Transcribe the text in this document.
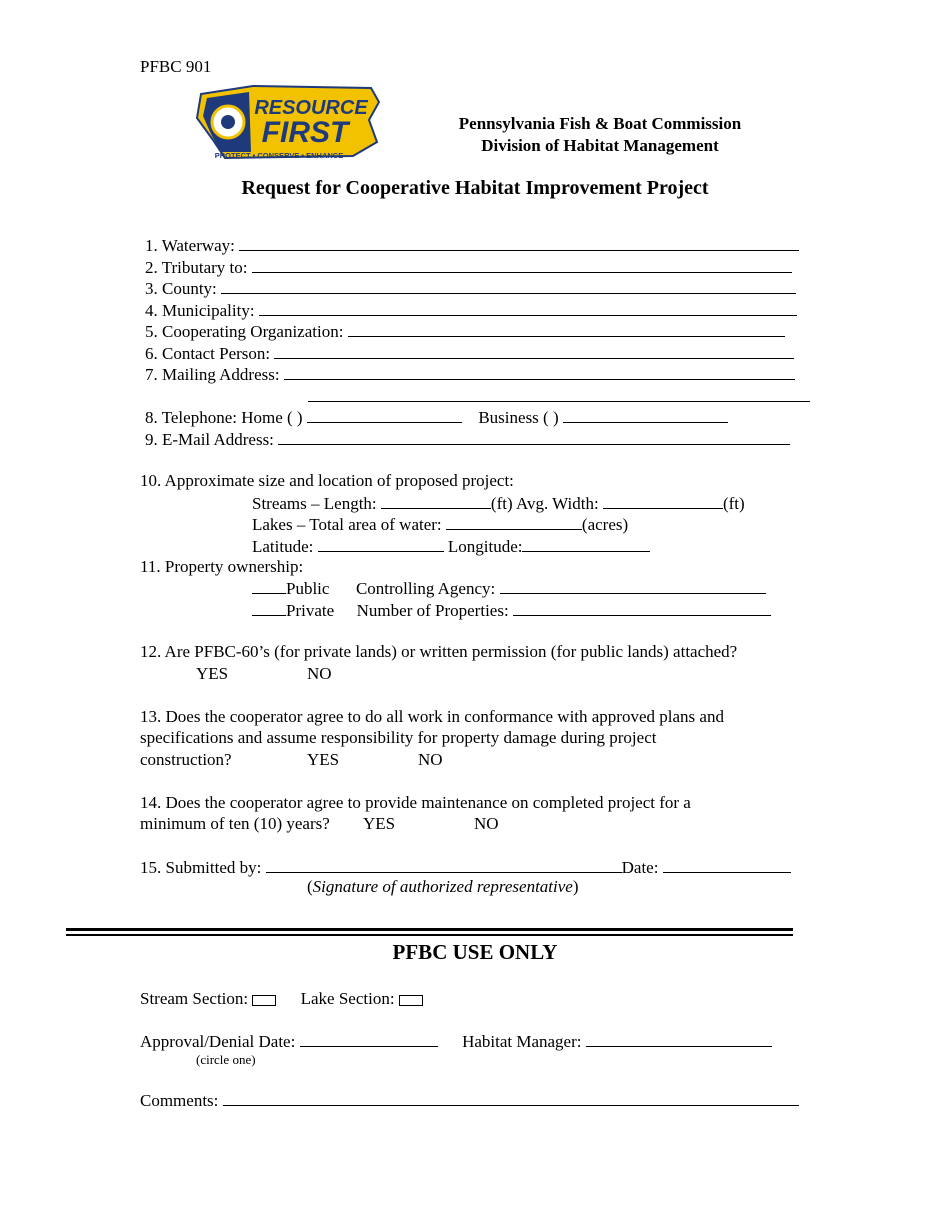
PFBC 901
RESOURCE
FIRST
PROTECT • CONSERVE • ENHANCE
Pennsylvania Fish & Boat Commission
Division of Habitat Management
Request for Cooperative Habitat Improvement Project
1. Waterway:
2. Tributary to:
3. County:
4. Municipality:
5. Cooperating Organization:
6. Contact Person:
7. Mailing Address:
8. Telephone: Home ( )	Business ( )
9. E-Mail Address:
10. Approximate size and location of proposed project:
Streams – Length:	(ft) Avg. Width:	(ft)
Lakes – Total area of water:	(acres)
Latitude:	Longitude:
11. Property ownership:
Public Controlling Agency:
Private Number of Properties:
12. Are PFBC-60’s (for private lands) or written permission (for public lands) attached?
YES	NO
13. Does the cooperator agree to do all work in conformance with approved plans and
specifications and assume responsibility for property damage during project
construction?	YES	NO
14. Does the cooperator agree to provide maintenance on completed project for a
minimum of ten (10) years? YES	NO
15. Submitted by:	Date:
(Signature of authorized representative)
PFBC USE ONLY
Stream Section:	Lake Section:
Approval/Denial Date:	Habitat Manager:
(circle one)
Comments:
